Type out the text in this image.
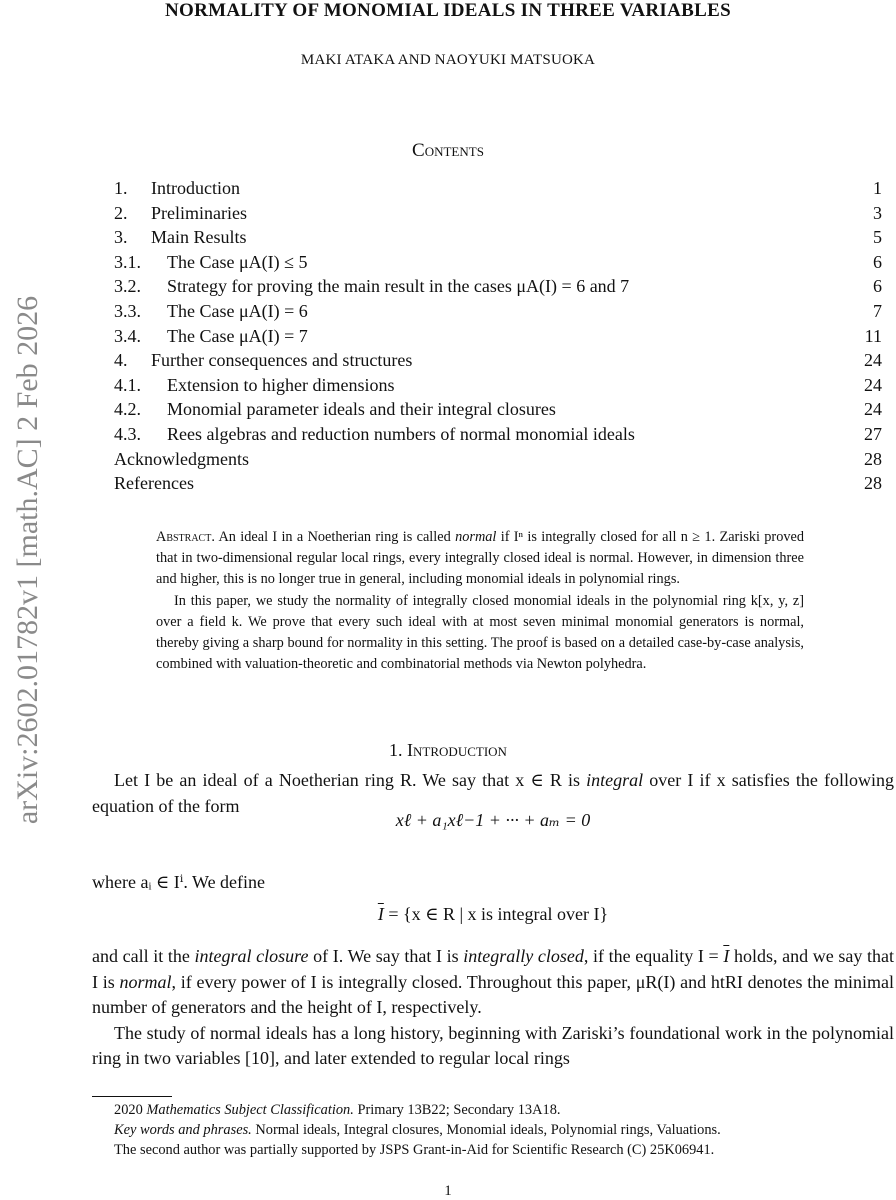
NORMALITY OF MONOMIAL IDEALS IN THREE VARIABLES
MAKI ATAKA AND NAOYUKI MATSUOKA
arXiv:2602.01782v1 [math.AC] 2 Feb 2026
Contents
1. Introduction	1
2. Preliminaries	3
3. Main Results	5
3.1. The Case μA(I) ≤ 5	6
3.2. Strategy for proving the main result in the cases μA(I) = 6 and 7	6
3.3. The Case μA(I) = 6	7
3.4. The Case μA(I) = 7	11
4. Further consequences and structures	24
4.1. Extension to higher dimensions	24
4.2. Monomial parameter ideals and their integral closures	24
4.3. Rees algebras and reduction numbers of normal monomial ideals	27
Acknowledgments	28
References	28

Abstract. An ideal I in a Noetherian ring is called normal if Iⁿ is integrally closed for all n ≥ 1. Zariski proved that in two-dimensional regular local rings, every integrally closed ideal is normal. However, in dimension three and higher, this is no longer true in general, including monomial ideals in polynomial rings.

In this paper, we study the normality of integrally closed monomial ideals in the polynomial ring k[x, y, z] over a field k. We prove that every such ideal with at most seven minimal monomial generators is normal, thereby giving a sharp bound for normality in this setting. The proof is based on a detailed case-by-case analysis, combined with valuation-theoretic and combinatorial methods via Newton polyhedra.

1. Introduction

Let I be an ideal of a Noetherian ring R. We say that x ∈ R is integral over I if x satisfies the following equation of the form

xℓ + a₁xℓ−1 + ··· + aₘ = 0
where aᵢ ∈ Iⁱ. We define
$\overline{I} = \{x$ ∈ R | x is integral over I}

and call it the integral closure of I. We say that I is integrally closed, if the equality $I = \overline{I}$ holds, and we say that I is normal, if every power of I is integrally closed. Throughout this paper, μR(I) and htRI denotes the minimal number of generators and the height of I, respectively.

The study of normal ideals has a long history, beginning with Zariski’s foundational work in the polynomial ring in two variables [10], and later extended to regular local rings

2020 Mathematics Subject Classification. Primary 13B22; Secondary 13A18.

Key words and phrases. Normal ideals, Integral closures, Monomial ideals, Polynomial rings, Valuations.

The second author was partially supported by JSPS Grant-in-Aid for Scientific Research (C) 25K06941.

1
